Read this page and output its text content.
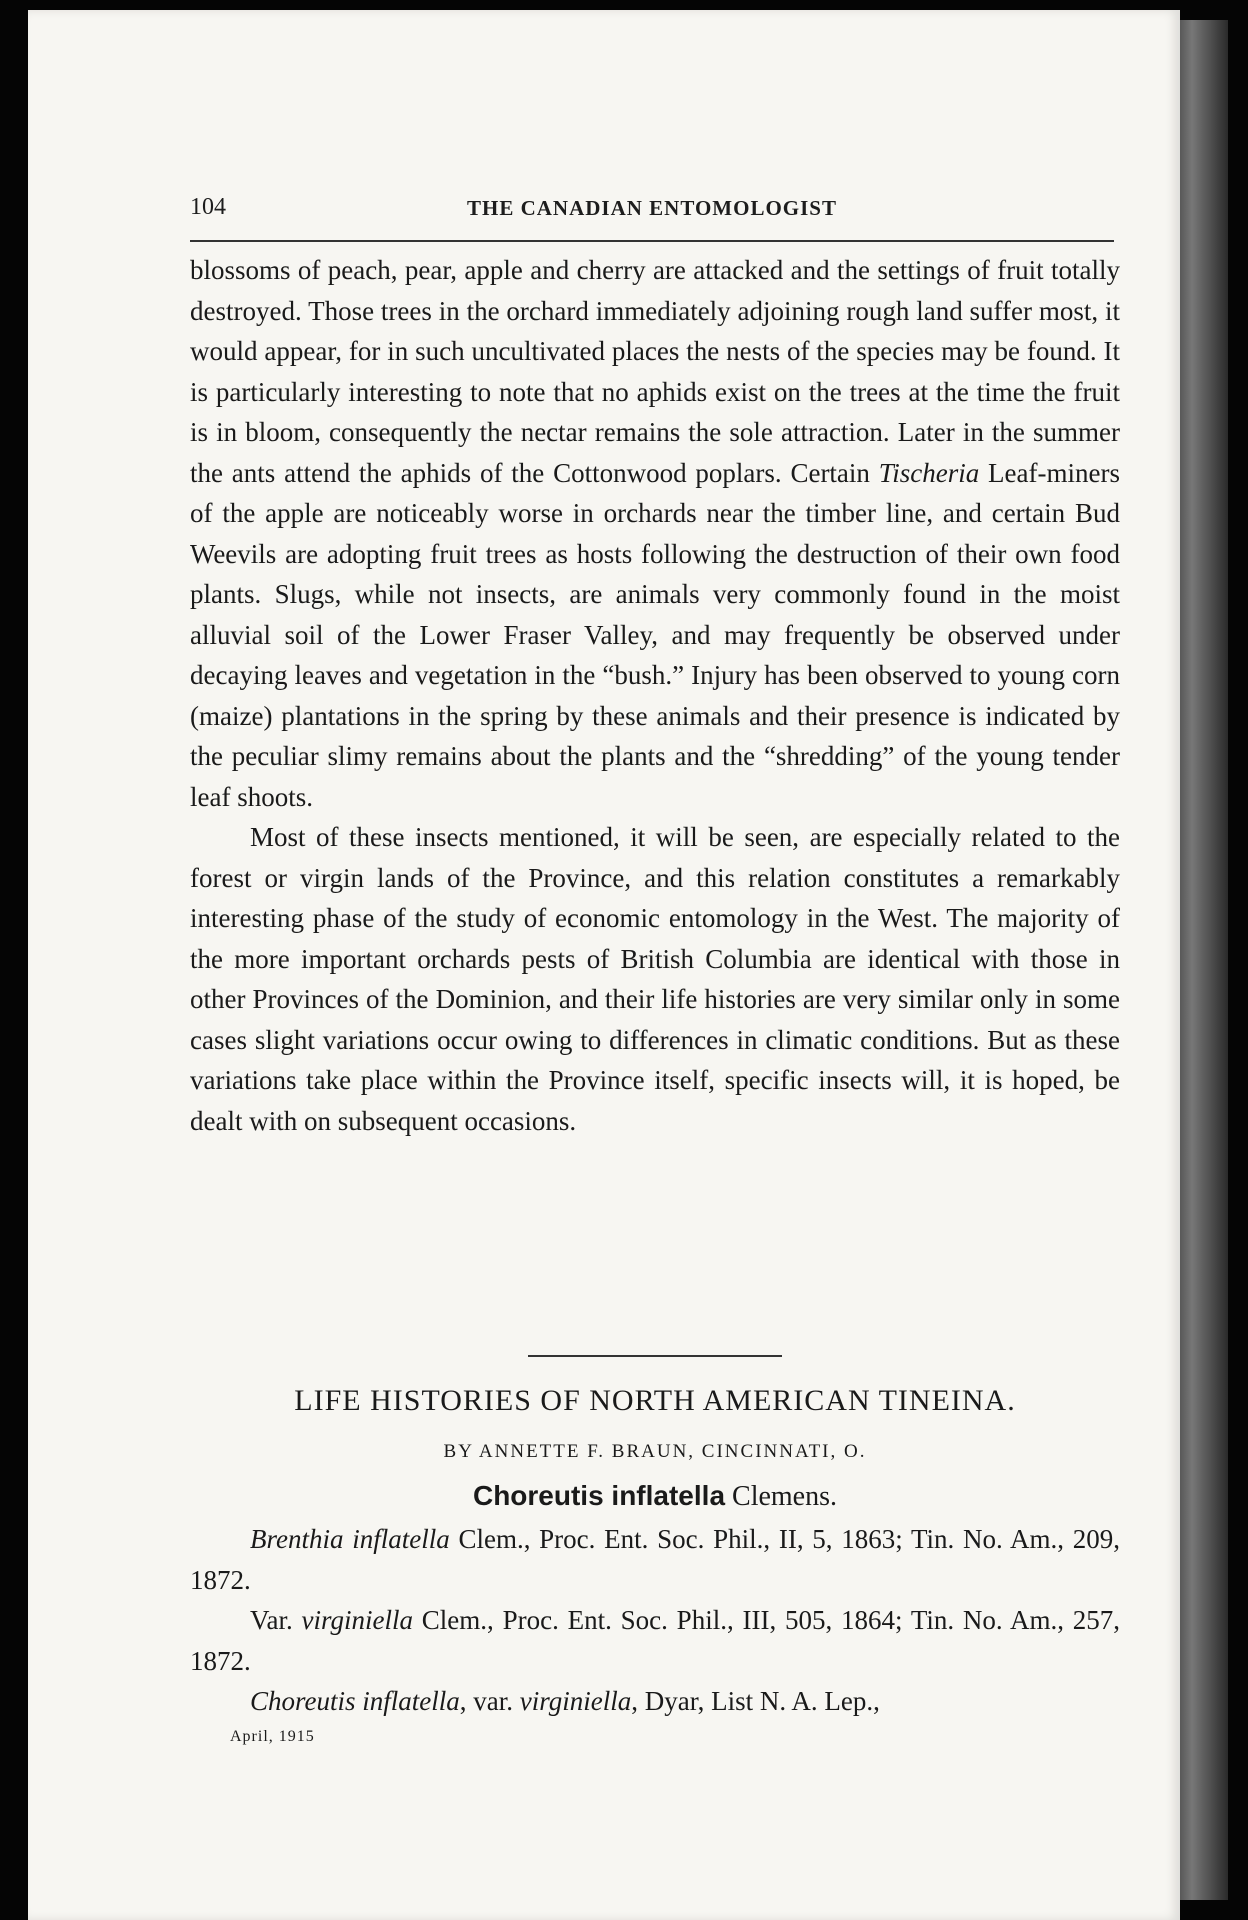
104	THE CANADIAN ENTOMOLOGIST

blossoms of peach, pear, apple and cherry are attacked and the settings of fruit totally destroyed. Those trees in the orchard immediately adjoining rough land suffer most, it would appear, for in such uncultivated places the nests of the species may be found. It is particularly interesting to note that no aphids exist on the trees at the time the fruit is in bloom, consequently the nectar remains the sole attraction. Later in the summer the ants attend the aphids of the Cottonwood poplars. Certain Tischeria Leaf-miners of the apple are noticeably worse in orchards near the timber line, and certain Bud Weevils are adopting fruit trees as hosts following the destruction of their own food plants. Slugs, while not insects, are animals very commonly found in the moist alluvial soil of the Lower Fraser Valley, and may frequently be observed under decaying leaves and vegetation in the “bush.” Injury has been observed to young corn (maize) plantations in the spring by these animals and their presence is indicated by the peculiar slimy remains about the plants and the “shredding” of the young tender leaf shoots.

Most of these insects mentioned, it will be seen, are especially related to the forest or virgin lands of the Province, and this relation constitutes a remarkably interesting phase of the study of economic entomology in the West. The majority of the more important orchards pests of British Columbia are identical with those in other Provinces of the Dominion, and their life histories are very similar only in some cases slight variations occur owing to differences in climatic conditions. But as these variations take place within the Province itself, specific insects will, it is hoped, be dealt with on subsequent occasions.

LIFE HISTORIES OF NORTH AMERICAN TINEINA.
BY ANNETTE F. BRAUN, CINCINNATI, O.
Choreutis inflatella Clemens.

Brenthia inflatella Clem., Proc. Ent. Soc. Phil., II, 5, 1863; Tin. No. Am., 209, 1872.

Var. virginiella Clem., Proc. Ent. Soc. Phil., III, 505, 1864; Tin. No. Am., 257, 1872.

Choreutis inflatella, var. virginiella, Dyar, List N. A. Lep.,

April, 1915
